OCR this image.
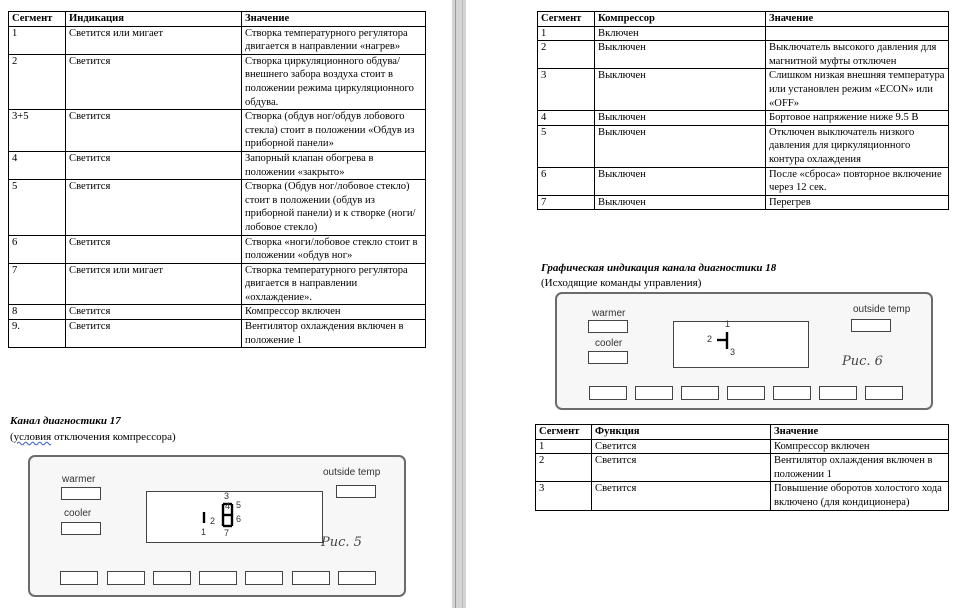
Сегмент	Индикация	Значение
1	Светится или мигает	Створка температурного регулятора двигается в направлении «нагрев»
2	Светится	Створка циркуляционного обдува/внешнего забора воздуха стоит в положении режима циркуляционного обдува.
3+5	Светится	Створка (обдув ног/обдув лобового стекла) стоит в положении «Обдув из приборной панели»
4	Светится	Запорный клапан обогрева в положении «закрыто»
5	Светится	Створка (Обдув ног/лобовое стекло) стоит в положении (обдув из приборной панели) и к створке (ноги/лобовое стекло)
6	Светится	Створка «ноги/лобовое стекло стоит в положении «обдув ног»
7	Светится или мигает	Створка температурного регулятора двигается в направлении «охлаждение».
8	Светится	Компрессор включен
9.	Светится	Вентилятор охлаждения включен в положение 1
Канал диагностики 17
(условия отключения компрессора)
warmer
cooler
outside temp
1
2
3
4 5
6
7
Рис. 5
Сегмент	Компрессор	Значение
1	Включен	
2	Выключен	Выключатель высокого давления для магнитной муфты отключен
3	Выключен	Слишком низкая внешняя температура или установлен режим «ECON» или «OFF»
4	Выключен	Бортовое напряжение ниже 9.5 В
5	Выключен	Отключен выключатель низкого давления для циркуляционного контура охлаждения
6	Выключен	После «сброса» повторное включение через 12 сек.
7	Выключен	Перегрев
Графическая индикация канала диагностики 18
(Исходящие команды управления)
warmer
cooler
outside temp
1
2
3
Рис. 6
Сегмент	Функция	Значение
1	Светится	Компрессор включен
2	Светится	Вентилятор охлаждения включен в положении 1
3	Светится	Повышение оборотов холостого хода включено (для кондиционера)
